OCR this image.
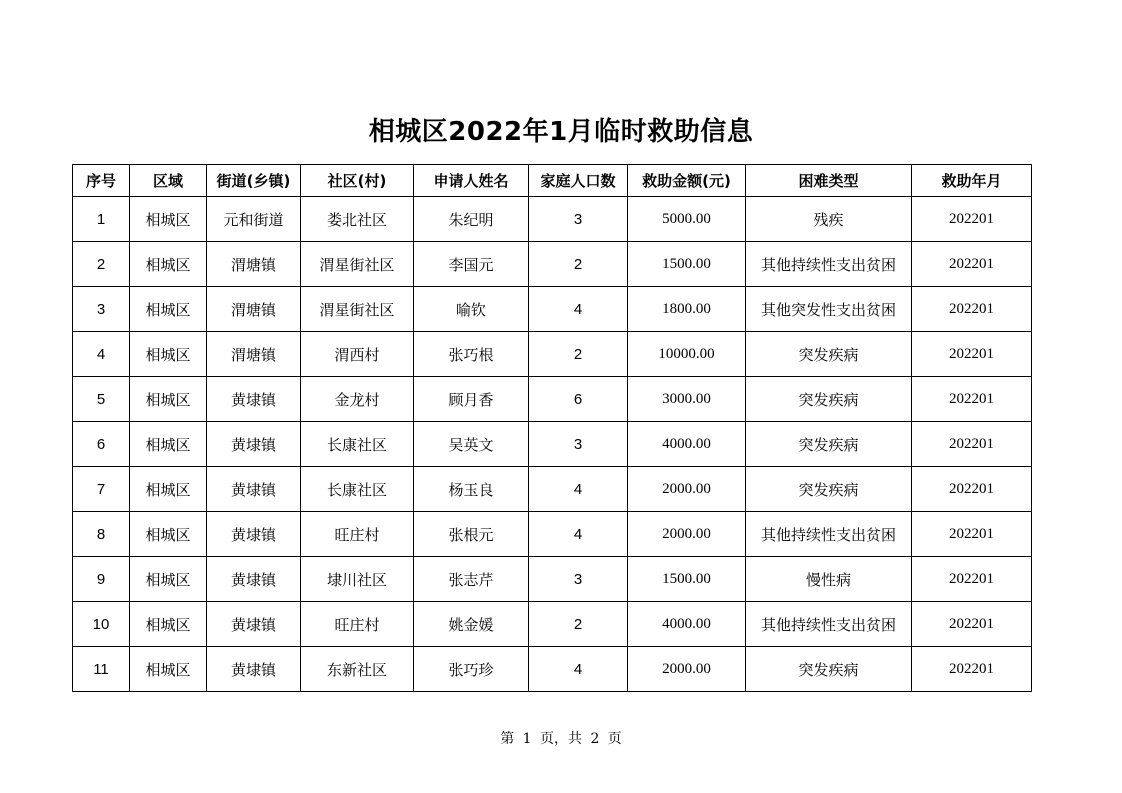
相城区2022年1月临时救助信息
序号	区域	街道(乡镇)	社区(村)	申请人姓名	家庭人口数	救助金额(元)	困难类型	救助年月
1	相城区	元和街道	娄北社区	朱纪明	3	5000.00	残疾	202201
2	相城区	渭塘镇	渭星街社区	李国元	2	1500.00	其他持续性支出贫困	202201
3	相城区	渭塘镇	渭星街社区	喻钦	4	1800.00	其他突发性支出贫困	202201
4	相城区	渭塘镇	渭西村	张巧根	2	10000.00	突发疾病	202201
5	相城区	黄埭镇	金龙村	顾月香	6	3000.00	突发疾病	202201
6	相城区	黄埭镇	长康社区	吴英文	3	4000.00	突发疾病	202201
7	相城区	黄埭镇	长康社区	杨玉良	4	2000.00	突发疾病	202201
8	相城区	黄埭镇	旺庄村	张根元	4	2000.00	其他持续性支出贫困	202201
9	相城区	黄埭镇	埭川社区	张志芹	3	1500.00	慢性病	202201
10	相城区	黄埭镇	旺庄村	姚金媛	2	4000.00	其他持续性支出贫困	202201
11	相城区	黄埭镇	东新社区	张巧珍	4	2000.00	突发疾病	202201
第 1 页，共 2 页
